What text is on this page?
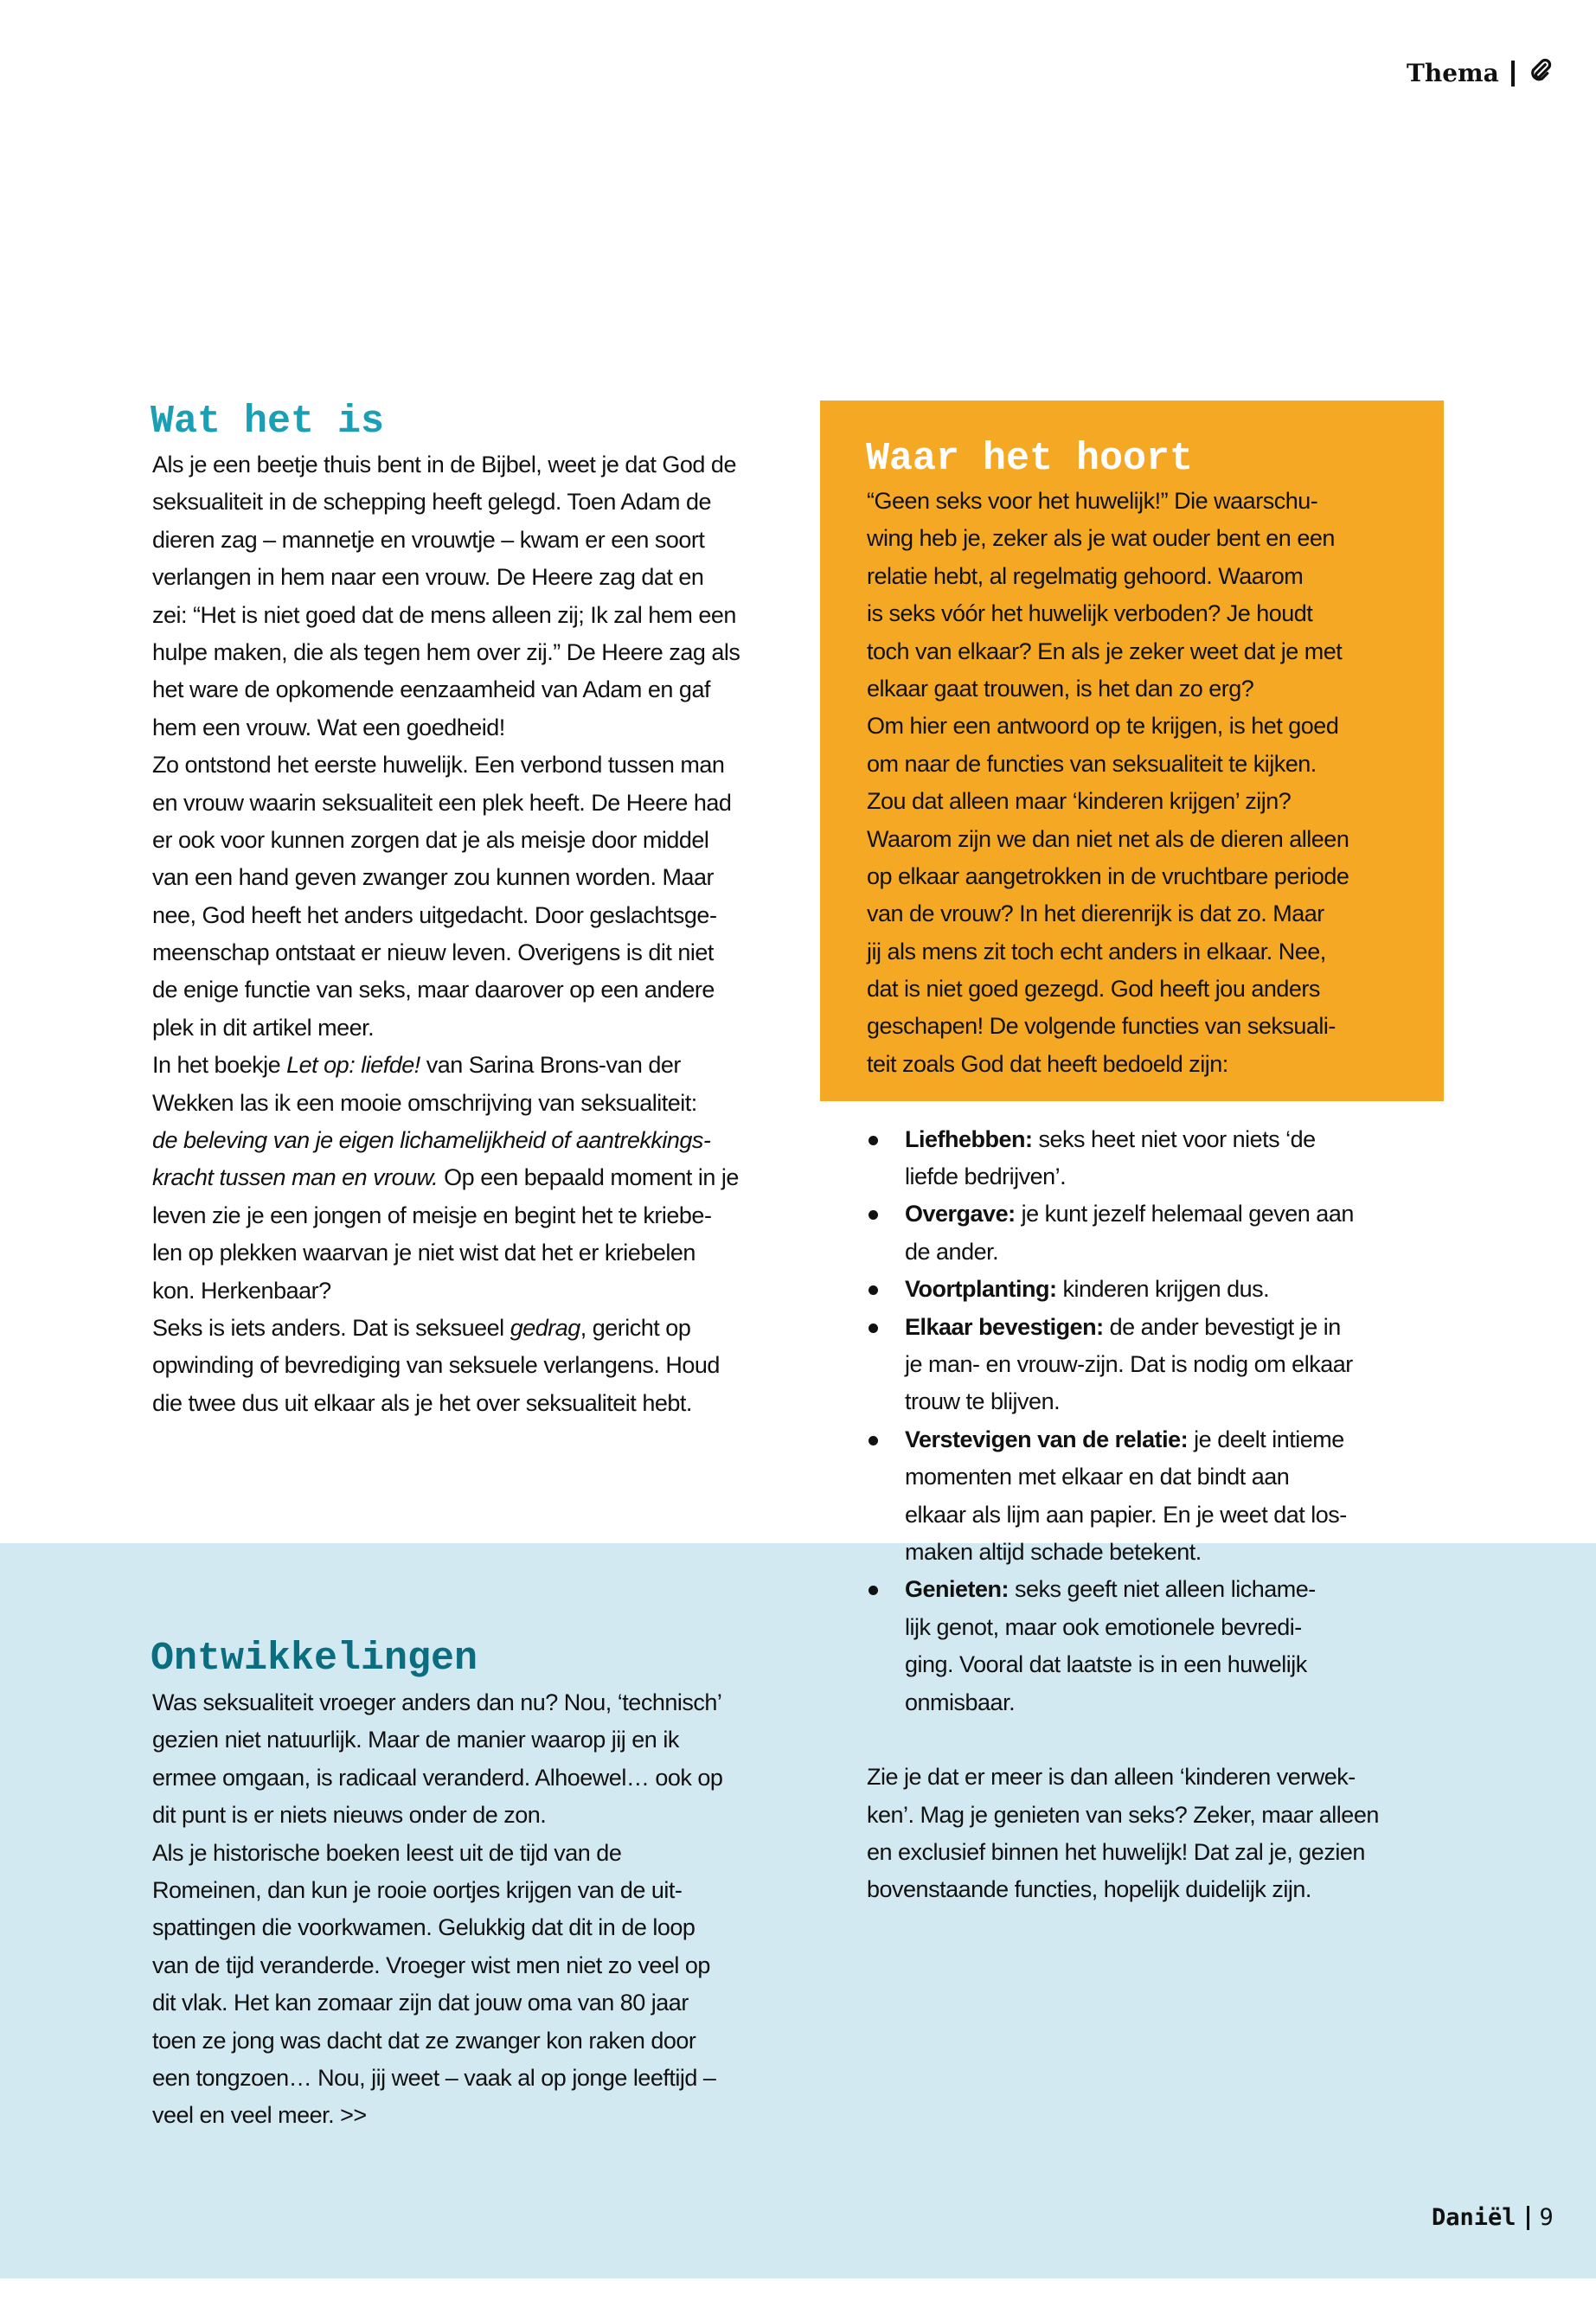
Thema
Wat het is
Als je een beetje thuis bent in de Bijbel, weet je dat God de
seksualiteit in de schepping heeft gelegd. Toen Adam de
dieren zag – mannetje en vrouwtje – kwam er een soort
verlangen in hem naar een vrouw. De Heere zag dat en
zei: “Het is niet goed dat de mens alleen zij; Ik zal hem een
hulpe maken, die als tegen hem over zij.” De Heere zag als
het ware de opkomende eenzaamheid van Adam en gaf
hem een vrouw. Wat een goedheid!
Zo ontstond het eerste huwelijk. Een verbond tussen man
en vrouw waarin seksualiteit een plek heeft. De Heere had
er ook voor kunnen zorgen dat je als meisje door middel
van een hand geven zwanger zou kunnen worden. Maar
nee, God heeft het anders uitgedacht. Door geslachtsge-
meenschap ontstaat er nieuw leven. Overigens is dit niet
de enige functie van seks, maar daarover op een andere
plek in dit artikel meer.
In het boekje Let op: liefde! van Sarina Brons-van der
Wekken las ik een mooie omschrijving van seksualiteit:
de beleving van je eigen lichamelijkheid of aantrekkings-
kracht tussen man en vrouw. Op een bepaald moment in je
leven zie je een jongen of meisje en begint het te kriebe-
len op plekken waarvan je niet wist dat het er kriebelen
kon. Herkenbaar?
Seks is iets anders. Dat is seksueel gedrag, gericht op
opwinding of bevrediging van seksuele verlangens. Houd
die twee dus uit elkaar als je het over seksualiteit hebt.
Waar het hoort
“Geen seks voor het huwelijk!” Die waarschu-
wing heb je, zeker als je wat ouder bent en een
relatie hebt, al regelmatig gehoord. Waarom
is seks vóór het huwelijk verboden? Je houdt
toch van elkaar? En als je zeker weet dat je met
elkaar gaat trouwen, is het dan zo erg?
Om hier een antwoord op te krijgen, is het goed
om naar de functies van seksualiteit te kijken.
Zou dat alleen maar ‘kinderen krijgen’ zijn?
Waarom zijn we dan niet net als de dieren alleen
op elkaar aangetrokken in de vruchtbare periode
van de vrouw? In het dierenrijk is dat zo. Maar
jij als mens zit toch echt anders in elkaar. Nee,
dat is niet goed gezegd. God heeft jou anders
geschapen! De volgende functies van seksuali-
teit zoals God dat heeft bedoeld zijn:
Liefhebben: seks heet niet voor niets ‘de
liefde bedrijven’.
Overgave: je kunt jezelf helemaal geven aan
de ander.
Voortplanting: kinderen krijgen dus.
Elkaar bevestigen: de ander bevestigt je in
je man- en vrouw-zijn. Dat is nodig om elkaar
trouw te blijven.
Verstevigen van de relatie: je deelt intieme
momenten met elkaar en dat bindt aan
elkaar als lijm aan papier. En je weet dat los-
maken altijd schade betekent.
Genieten: seks geeft niet alleen lichame-
lijk genot, maar ook emotionele bevredi-
ging. Vooral dat laatste is in een huwelijk
onmisbaar.
Zie je dat er meer is dan alleen ‘kinderen verwek-
ken’. Mag je genieten van seks? Zeker, maar alleen
en exclusief binnen het huwelijk! Dat zal je, gezien
bovenstaande functies, hopelijk duidelijk zijn.
Ontwikkelingen
Was seksualiteit vroeger anders dan nu? Nou, ‘technisch’
gezien niet natuurlijk. Maar de manier waarop jij en ik
ermee omgaan, is radicaal veranderd. Alhoewel… ook op
dit punt is er niets nieuws onder de zon.
Als je historische boeken leest uit de tijd van de
Romeinen, dan kun je rooie oortjes krijgen van de uit-
spattingen die voorkwamen. Gelukkig dat dit in de loop
van de tijd veranderde. Vroeger wist men niet zo veel op
dit vlak. Het kan zomaar zijn dat jouw oma van 80 jaar
toen ze jong was dacht dat ze zwanger kon raken door
een tongzoen… Nou, jij weet – vaak al op jonge leeftijd –
veel en veel meer. >>
Daniël 9
